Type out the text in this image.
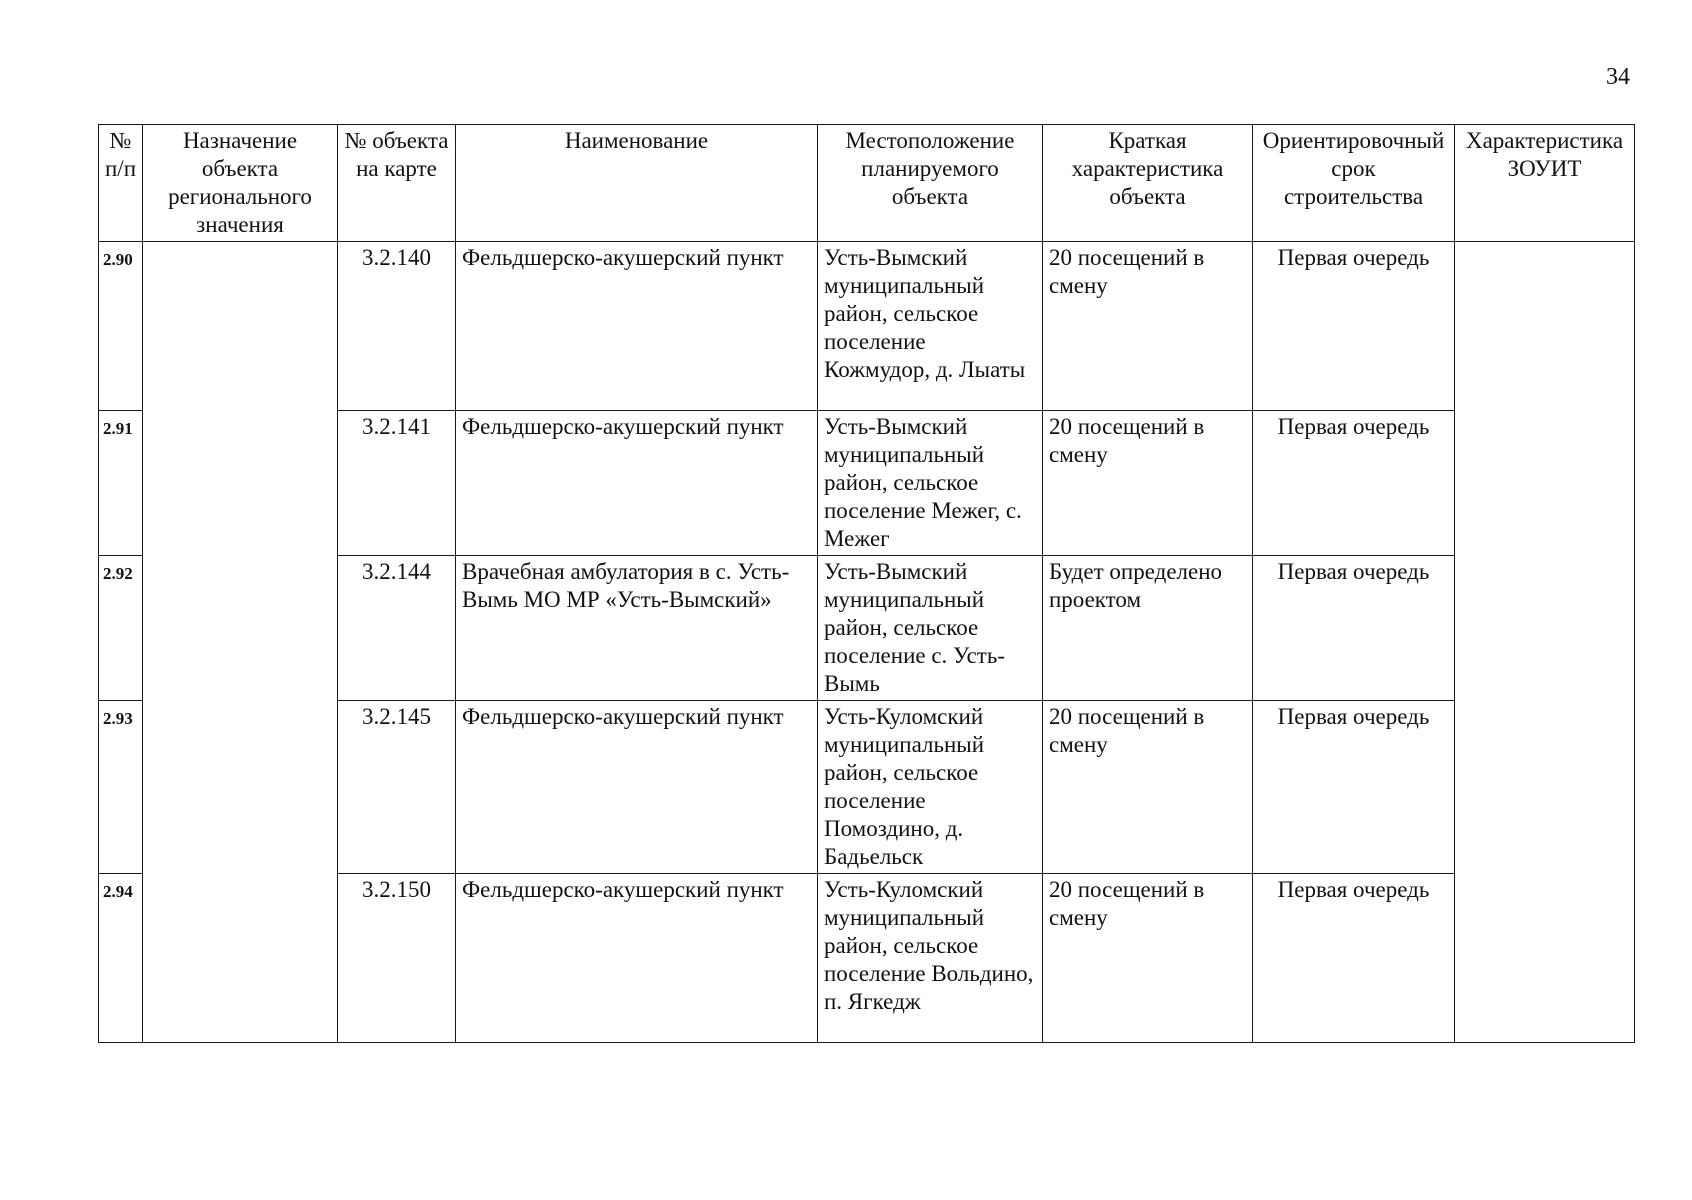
34
№ п/п	Назначение объекта регионального значения	№ объекта на карте	Наименование	Местоположение планируемого объекта	Краткая характеристика объекта	Ориентировочный срок строительства	Характеристика ЗОУИТ
2.90		3.2.140	Фельдшерско-акушерский пункт	Усть-Вымский муниципальный район, сельское поселение Кожмудор, д. Лыаты	20 посещений в смену	Первая очередь	
2.91		3.2.141	Фельдшерско-акушерский пункт	Усть-Вымский муниципальный район, сельское поселение Межег, с. Межег	20 посещений в смену	Первая очередь	
2.92		3.2.144	Врачебная амбулатория в с. Усть-Вымь МО МР «Усть-Вымский»	Усть-Вымский муниципальный район, сельское поселение с. Усть-Вымь	Будет определено проектом	Первая очередь	
2.93		3.2.145	Фельдшерско-акушерский пункт	Усть-Куломский муниципальный район, сельское поселение Помоздино, д. Бадьельск	20 посещений в смену	Первая очередь	
2.94		3.2.150	Фельдшерско-акушерский пункт	Усть-Куломский муниципальный район, сельское поселение Вольдино, п. Ягкедж	20 посещений в смену	Первая очередь	
